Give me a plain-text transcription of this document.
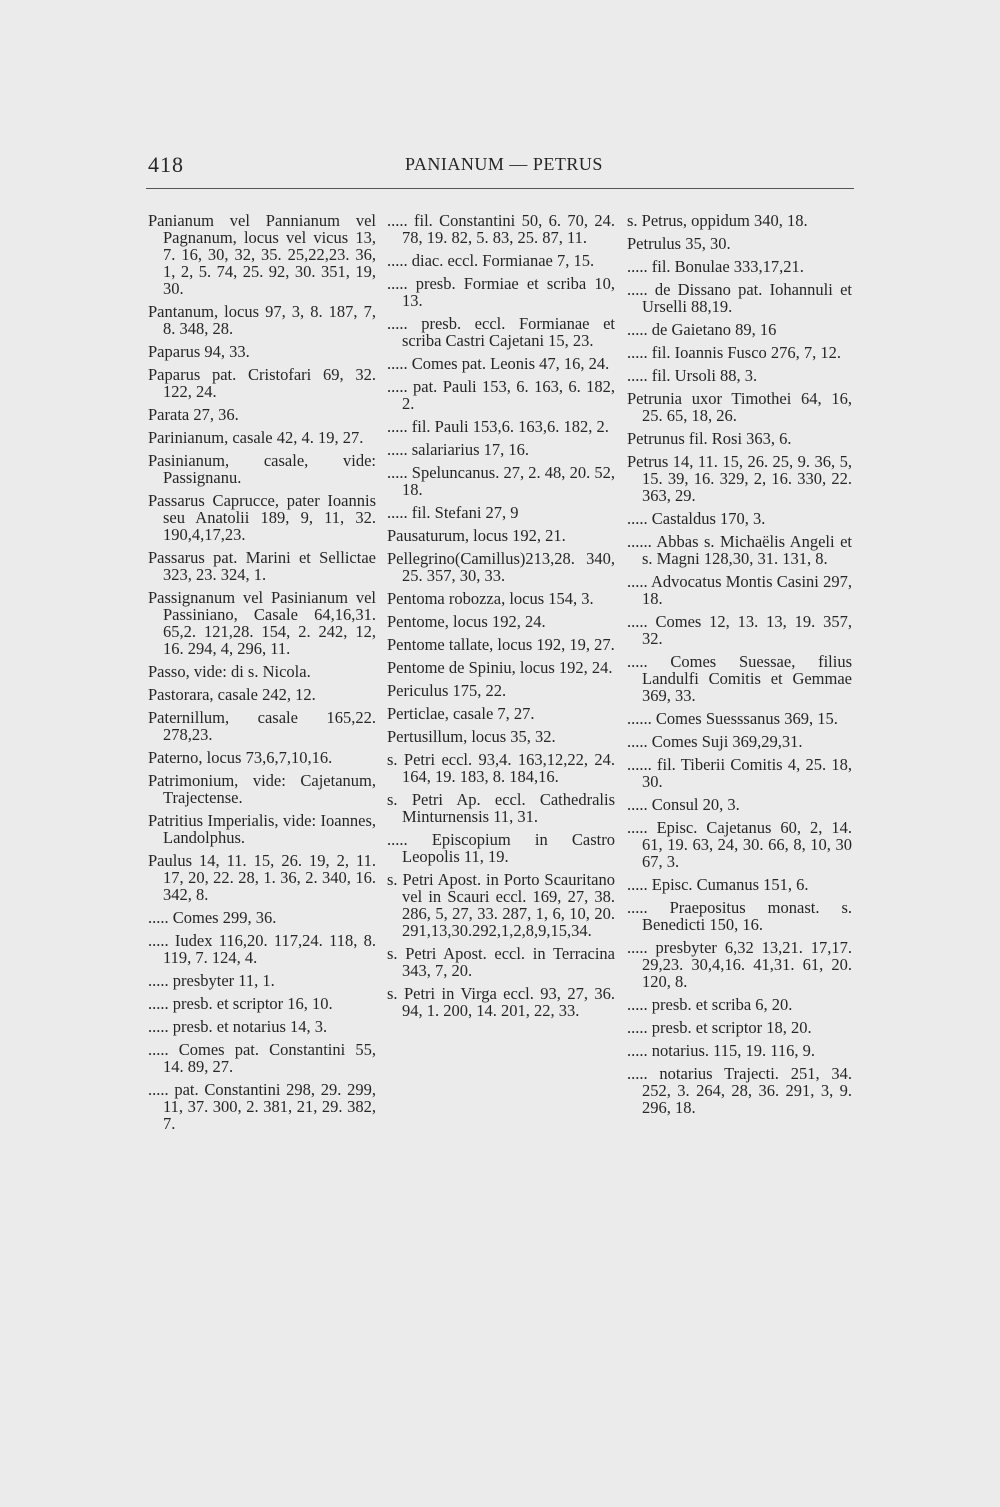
418	PANIANUM — PETRUS
Panianum vel Pannianum vel Pagnanum, locus vel vicus 13, 7. 16, 30, 32, 35. 25,22,23. 36, 1, 2, 5. 74, 25. 92, 30. 351, 19, 30.
Pantanum, locus 97, 3, 8. 187, 7, 8. 348, 28.
Paparus 94, 33.
Paparus pat. Cristofari 69, 32. 122, 24.
Parata 27, 36.
Parinianum, casale 42, 4. 19, 27.
Pasinianum, casale, vide: Passignanu.
Passarus Caprucce, pater Ioannis seu Anatolii 189, 9, 11, 32. 190,4,17,23.
Passarus pat. Marini et Sellictae 323, 23. 324, 1.
Passignanum vel Pasinianum vel Passiniano, Casale 64,16,31. 65,2. 121,28. 154, 2. 242, 12, 16. 294, 4, 296, 11.
Passo, vide: di s. Nicola.
Pastorara, casale 242, 12.
Paternillum, casale 165,22. 278,23.
Paterno, locus 73,6,7,10,16.
Patrimonium, vide: Cajetanum, Trajectense.
Patritius Imperialis, vide: Ioannes, Landolphus.
Paulus 14, 11. 15, 26. 19, 2, 11. 17, 20, 22. 28, 1. 36, 2. 340, 16. 342, 8.
..... Comes 299, 36.
..... Iudex 116,20. 117,24. 118, 8. 119, 7. 124, 4.
..... presbyter 11, 1.
..... presb. et scriptor 16, 10.
..... presb. et notarius 14, 3.
..... Comes pat. Constantini 55, 14. 89, 27.
..... pat. Constantini 298, 29. 299, 11, 37. 300, 2. 381, 21, 29. 382, 7.
..... fil. Constantini 50, 6. 70, 24. 78, 19. 82, 5. 83, 25. 87, 11.
..... diac. eccl. Formianae 7, 15.
..... presb. Formiae et scriba 10, 13.
..... presb. eccl. Formianae et scriba Castri Cajetani 15, 23.
..... Comes pat. Leonis 47, 16, 24.
..... pat. Pauli 153, 6. 163, 6. 182, 2.
..... fil. Pauli 153,6. 163,6. 182, 2.
..... salariarius 17, 16.
..... Speluncanus. 27, 2. 48, 20. 52, 18.
..... fil. Stefani 27, 9
Pausaturum, locus 192, 21.
Pellegrino(Camillus)213,28. 340, 25. 357, 30, 33.
Pentoma robozza, locus 154, 3.
Pentome, locus 192, 24.
Pentome tallate, locus 192, 19, 27.
Pentome de Spiniu, locus 192, 24.
Periculus 175, 22.
Perticlae, casale 7, 27.
Pertusillum, locus 35, 32.
s. Petri eccl. 93,4. 163,12,22, 24. 164, 19. 183, 8. 184,16.
s. Petri Ap. eccl. Cathedralis Minturnensis 11, 31.
..... Episcopium in Castro Leopolis 11, 19.
s. Petri Apost. in Porto Scauritano vel in Scauri eccl. 169, 27, 38. 286, 5, 27, 33. 287, 1, 6, 10, 20. 291,13,30.292,1,2,8,9,15,34.
s. Petri Apost. eccl. in Terracina 343, 7, 20.
s. Petri in Virga eccl. 93, 27, 36. 94, 1. 200, 14. 201, 22, 33.
s. Petrus, oppidum 340, 18.
Petrulus 35, 30.
..... fil. Bonulae 333,17,21.
..... de Dissano pat. Iohannuli et Urselli 88,19.
..... de Gaietano 89, 16
..... fil. Ioannis Fusco 276, 7, 12.
..... fil. Ursoli 88, 3.
Petrunia uxor Timothei 64, 16, 25. 65, 18, 26.
Petrunus fil. Rosi 363, 6.
Petrus 14, 11. 15, 26. 25, 9. 36, 5, 15. 39, 16. 329, 2, 16. 330, 22. 363, 29.
..... Castaldus 170, 3.
...... Abbas s. Michaëlis Angeli et s. Magni 128,30, 31. 131, 8.
..... Advocatus Montis Casini 297, 18.
..... Comes 12, 13. 13, 19. 357, 32.
..... Comes Suessae, filius Landulfi Comitis et Gemmae 369, 33.
...... Comes Suesssanus 369, 15.
..... Comes Suji 369,29,31.
...... fil. Tiberii Comitis 4, 25. 18, 30.
..... Consul 20, 3.
..... Episc. Cajetanus 60, 2, 14. 61, 19. 63, 24, 30. 66, 8, 10, 30 67, 3.
..... Episc. Cumanus 151, 6.
..... Praepositus monast. s. Benedicti 150, 16.
..... presbyter 6,32 13,21. 17,17. 29,23. 30,4,16. 41,31. 61, 20. 120, 8.
..... presb. et scriba 6, 20.
..... presb. et scriptor 18, 20.
..... notarius. 115, 19. 116, 9.
..... notarius Trajecti. 251, 34. 252, 3. 264, 28, 36. 291, 3, 9. 296, 18.
